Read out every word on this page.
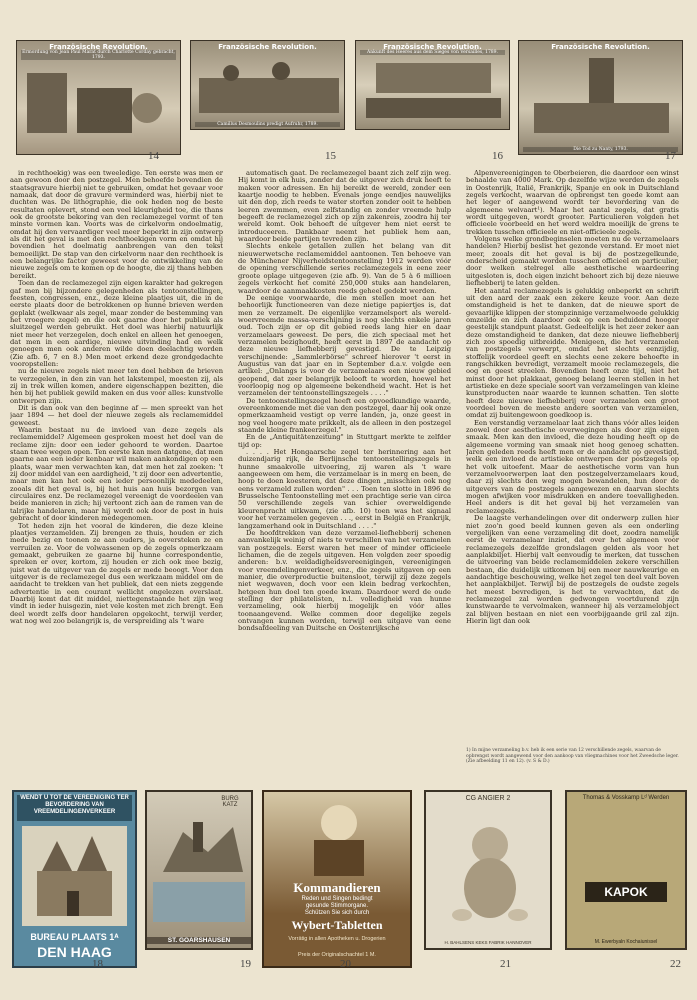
Französische Revolution.
Ermordung von Jean Paul Marat durch Charlotte Corday gebracht, 1793.
14
Französische Revolution.
Camillus Desmoulins predigt Aufruhr, 1789.
15
Französische Revolution.
Ankunft des Heeres aus dem Sieges von Versailles, 1789.
16
Französische Revolution.
Die Tod zu Nanty, 1793.
17

in rechthoekig) was een tweeledige. Ten eerste was men er aan gewoon door den postzegel. Men behoefde bovendien de staatsgravure hierbij niet te gebruiken, omdat het gevaar voor namaak, dat door de gravure verminderd was, hierbij niet te duchten was. De lithographie, die ook heden nog de beste resultaten oplevert, stond een veel kleurigheid toe, die thans ook de grootste bekoring van den reclamezegel vormt of ten minste vormen kan. Voorts was de cirkelvorm ondoelmatig, omdat hij den vervaardiger veel meer beperkt in zijn ontwerp als dit het geval is met den rechthoekigen vorm en omdat hij bovendien het doelmatig aanbrengen van den tekst bemoeilijkt. De stap van den cirkelvorm naar den rechthoek is een belangrijke factor geweest voor de ontwikkeling van de nieuwe zegels om te komen op de hoogte, die zij thans hebben bereikt.

Toen dan de reclamezegel zijn eigen karakter had gekregen gaf men bij bijzondere gelegenheden als tentoonstellingen, feesten, congressen, enz., deze kleine plaatjes uit, die in de eerste plaats door de betrokkenen op hunne brieven werden geplakt (welkwaar als zegel, maar zonder de bestemming van het vroegere zegel) en die ook gaarne door het publiek als sluitzegel werden gebruikt. Het doel was hierbij natuurlijk niet meer het verzegelen, doch enkel en alleen het genoegen, dat men in een aardige, nieuwe uitvinding had en welk genoegen men ook anderen wilde doen deelachtig worden (Zie afb. 6, 7 en 8.) Men moet erkend deze grondgedachte vooropstellen:

nu de nieuwe zegels niet meer ten doel hebben de brieven te verzegelen, in den zin van het lakstempel, moesten zij, als zij in trek willen komen, andere eigenschappen bezitten, die hen bij het publiek gewild maken en dus voor alles: kunstvolle ontwerpen zijn.

Dit is dan ook van den beginne af — men spreekt van het jaar 1894 — het doel der nieuwe zegels als reclamemiddel geweest.

Waarin bestaat nu de invloed van deze zegels als reclamemiddel? Algemeen gesproken moest het doel van de reclame zijn: door een ieder gehoord te worden. Daartoe staan twee wegen open. Ten eerste kan men datgene, dat men gaarne aan een ieder kenbaar wil maken aankondigen op een plaats, waar men verwachten kan, dat men het zal zoeken: 't zij door middel van een aardigheid, 't zij door een advertentie, maar men kan het ook een ieder persoonlijk mededeelen, zooals dit het geval is, bij het huis aan huis bezorgen van circulaires enz. De reclamezegel vereenigt de voordeelen van beide manieren in zich; hij vertoont zich aan de ramen van de talrijke handelaren, maar hij wordt ook door de post in huis gebracht of door kinderen medegenomen.

Tot heden zijn het vooral de kinderen, die deze kleine plaatjes verzamelden. Zij brengen ze thuis, houden er zich mede bezig en toonen ze aan ouders, ja ooversteken ze en verruilen ze. Voor de volwassenen op de zegels opmerkzaam gemaakt, gebruiken ze gaarne bij hunne correspondentie, spreken er over, kortom, zij houden er zich ook mee bezig, juist wat de uitgever van de zegels er mede beoogt. Voor den uitgever is de reclamezegel dus een werkzaam middel om de aandacht te trekken van het publiek, dat een niets zeggende advertentie in een courant wellicht ongelezen overslaat. Daarbij komt dat dit middel, niettegenstaande het zijn weg vindt in ieder huisgezin, niet vele kosten met zich brengt. Een deel wordt zelfs door handelaren opgekocht, terwijl verder, wat nog wel zoo belangrijk is, de verspreiding als 't ware

automatisch gaat. De reclamezegel baant zich zelf zijn weg. Hij komt in elk huis, zonder dat de uitgever zich druk heeft te maken voor adressen. En hij bereikt de wereld, zonder een kaartje noodig te hebben. Evenals jonge eendjes nauwelijks uit den dop, zich reeds te water storten zonder ooit te hebben leeren zwemmen, even zelfstandig en zonder vreemde hulp begeeft de reclamezegel zich op zijn zakenreis, zoodra hij ter wereld komt. Ook behoeft de uitgever hem niet eerst te introduceeren. Dankbaar neemt het publiek hem aan, waardoor beide partijen tevreden zijn.

Slechts enkele getallen zullen het belang van dit nieuwerwetsche reclamemiddel aantoonen. Ten behoeve van de Münchener Nijverheidstentoonstelling 1912 werden vóór de opening verschillende series reclamezegels in eene zeer groote oplage uitgegeven (zie afb. 9). Van de 5 à 6 millioen zegels verkocht het comité 250,000 stuks aan handelaren, waardoor de aanmaakkosten reeds geheel gedekt werden.

De eenige voorwaarde, die men stellen moet aan het behoorlijk functioneeren van deze nietige papiertjes is, dat men ze verzamelt. De eigenlijke verzamelsport als wereld-woervreemde massa-verschijning is nog slechts enkele jaren oud. Toch zijn er op dit gebied reeds lang hier en daar verzamelaars geweest. De pers, die zich speciaal met het verzamelen bezighoudt, heeft eerst in 1897 de aandacht op deze nieuwe liefhebberij gevestigd. De te Leipzig verschijnende: „Sammlerbörse" schreef hierover 't eerst in Augustus van dat jaar en in September d.a.v. volgde een artikel: „Onlangs is voor de verzamelaars een nieuw gebied geopend, dat zeer belangrijk belooft te worden, hoewel het voorloopig nog op algemeene bekendheid wacht. Het is het verzamelen der tentoonstellingszegels . . . ."

De tentoonstellingszegel heeft een opvoedkundige waarde, overeenkomende met die van den postzegel, daar hij ook onze opmerkzaamheid vestigt op verre landen, ja, onze geest in nog veel hoogere mate prikkelt, als de alleen in den postzegel staande kleine frankeerzegel."

En de „Antiquitätenzeitung" in Stuttgart merkte te zelfder tijd op:

. . . . Het Hongaarsche zegel ter herinnering aan het duizendjarig rijk, de Berlijnsche tentoonstellingszegels in hunne smaakvolle uitvoering, zij waren als 't ware aangeeween om hem, die verzamelaar is in merg en been, de hoop te doen koesteren, dat deze dingen „misschien ook nog eens verzameld zullen worden" . . . Toen ten slotte in 1896 de Brusselsche Tentoonstelling met een prachtige serie van circa 50 verschillende zegels van schier overweldigende kleurenpracht uitkwam, (zie afb. 10) toen was het signaal voor het verzamelen gegeven . . ., eerst in België en Frankrijk, langzamerhand ook in Duitschland . . . ."

De hoofdtrekken van deze verzamel-liefhebberij schenen aanvankelijk weinig of niets te verschillen van het verzamelen van postzegels. Eerst waren het meer of minder officieele lichamen, die de zegels uitgeven. Hen volgden zeer spoedig anderen: b.v. weldadigheidsvereenigingen, vereenigingen voor vreemdelingenverkeer, enz., die zegels uitgaven op een manier, die overproductie buitensloot, terwijl zij deze zegels niet wegwaven, doch voor een klein bedrag verkochten, hetgeen hun doel ten goede kwam. Daardoor werd de oude stelling der philatelisten, n.l. volledigheid van hunne verzameling, ook hierbij mogelijk en vóór alles toonaangevend. Welke commen door degelijke zegels ontvangen kunnen worden, terwijl een uitgave van eene bondsafdeeling van Duitsche en Oostenrijksche

Alpenvereenigingen te Oberbeieren, die daardoor een winst behaalde van 4000 Mark. Op dezelfde wijze werden de zegels in Oostenrijk, Italië, Frankrijk, Spanje en ook in Duitschland zegels verkocht, waarvan de opbrengst ten goede komt aan het leger of aangewend wordt ter bevordering van de algemeene welvaart¹). Maar het aantal zegels, dat gratis wordt uitgegeven, wordt grooter. Particulieren volgden het officieele voorbeeld en het werd weldra moeilijk de grens te trekken tusschen officieele en niet-officieele zegels.

Volgens welke grondbeginselen moeten nu de verzamelaars handelen? Hierbij beslist het gezonde verstand. Er moet niet meer, zooals dit het geval is bij de postzegelkunde, onderscheid gemaakt worden tusschen officieel en particulier, door welken stelregel alle aesthetische waardeering uitgesloten is, doch eigen inzicht behoort zich bij deze nieuwe liefhebberij te laten gelden.

Het aantal reclamezegels is gelukkig onbeperkt en schrift uit den aard der zaak een zekere keuze voor. Aan deze omstandigheid is het te danken, dat de nieuwe sport de gevaarlijke klippen der stompzinnige verzamelwoede gelukkig omzeilde en zich daardoor ook op een beduidend hooger geestelijk standpunt plaatst. Gedeeltelijk is het zeer zeker aan deze omstandigheid te danken, dat deze nieuwe liefhebberij zich zoo spoedig uitbreidde. Menigeen, die het verzamelen van postzegels verwerpt, omdat het slechts eenzijdig, stoffelijk voordeel geeft en slechts eene zekere behoefte in rangschikken bevredigt, verzamelt mooie reclamezegels, die oog en geest streelen. Bovendien heeft onze tijd, niet het minst door het plakkaat, genoeg belang leeren stellen in het artistieke en deze speciale soort van verzamelingen van kleine kunstproducten naar waarde te kunnen schatten. Ten slotte heeft deze nieuwe liefhebberij voor verzamelen een groot voordeel boven de meeste andere soorten van verzamelen, omdat zij buitengewoon goedkoop is.

Een verstandig verzamelaar laat zich thans vóór alles leiden zoowel door aesthetische overwegingen als door zijn eigen smaak. Men kan den invloed, die deze houding heeft op de algemeene vorming van smaak niet hoog genoeg schatten. Jaren geleden reeds heeft men er de aandacht op gevestigd, welk een invloed de artistieke ontwerpen der postzegels op het volk uitoefent. Maar de aesthetische vorm van hun verzamelvoorwerpen laat den postzegelverzamelaars koud, daar zij slechts den weg mogen bewandelen, hun door de uitgevers van de postzegels aangewezen en daarvan slechts mogen afwijken voor misdrukken en andere toevalligheden. Heel anders is dit het geval bij het verzamelen van reclamezegels.

De laagste verhandelingen over dit onderwerp zullen hier niet zoo'n goed beeld kunnen geven als een onderling vergelijken van eene verzameling dit doet, zoodra namelijk eerst de verzamelaar inziet, dat over het algemeen voor reclamezegels dezelfde grondslagen gelden als voor het aanplakbiljet. Hierbij valt eenvoudig te merken, dat tusschen de uitvoering van beide reclamemiddelen zekere verschillen bestaan, die duidelijk uitkomen bij een meer nauwkeurige en aandachtige beschouwing, welke het zegel ten deel valt boven het aanplakbiljet. Terwijl bij de postzegels de oudste zegels het meest bevredigen, is het te verwachten, dat de reclamezegel zal worden gedwongen voortdurend zijn kunstwaarde te vervolmaken, wanneer hij als verzamelobject zal blijven bestaan en niet een voorbijgaande gril zal zijn. Hierin ligt dan ook

1) In mijne verzameling b.v. heb ik een serie van 12 verschillende zegels, waarvan de opbrengst wordt aangewend voor den aankoop van vliegmachines voor het Zweedsche leger. (Zie afbeelding 11 en 12). (v. S & D.)
WENDT U TOT DE VEREENIGING TER BEVORDERING VAN VREEMDELINGENVERKEER
BUREAU PLAATS 1ᴬ
DEN HAAG
18
BURG KATZ
ST. GOARSHAUSEN
19
Kommandieren
Reden und Singen bedingt
gesunde Stimmorgane.
Schützen Sie sich durch
Wybert-Tabletten
Vorrätig in allen Apotheken u. Drogerien
Preis der Originalschachtel 1 M.
20
CG ANGIER 2
H. BAHLSENS KEKS FABRIK HANNOVER
21
Thomas & Vosskamp Lᵈ Werden
KAPOK
M. Ewerbyaln Kochaiunissel
22
